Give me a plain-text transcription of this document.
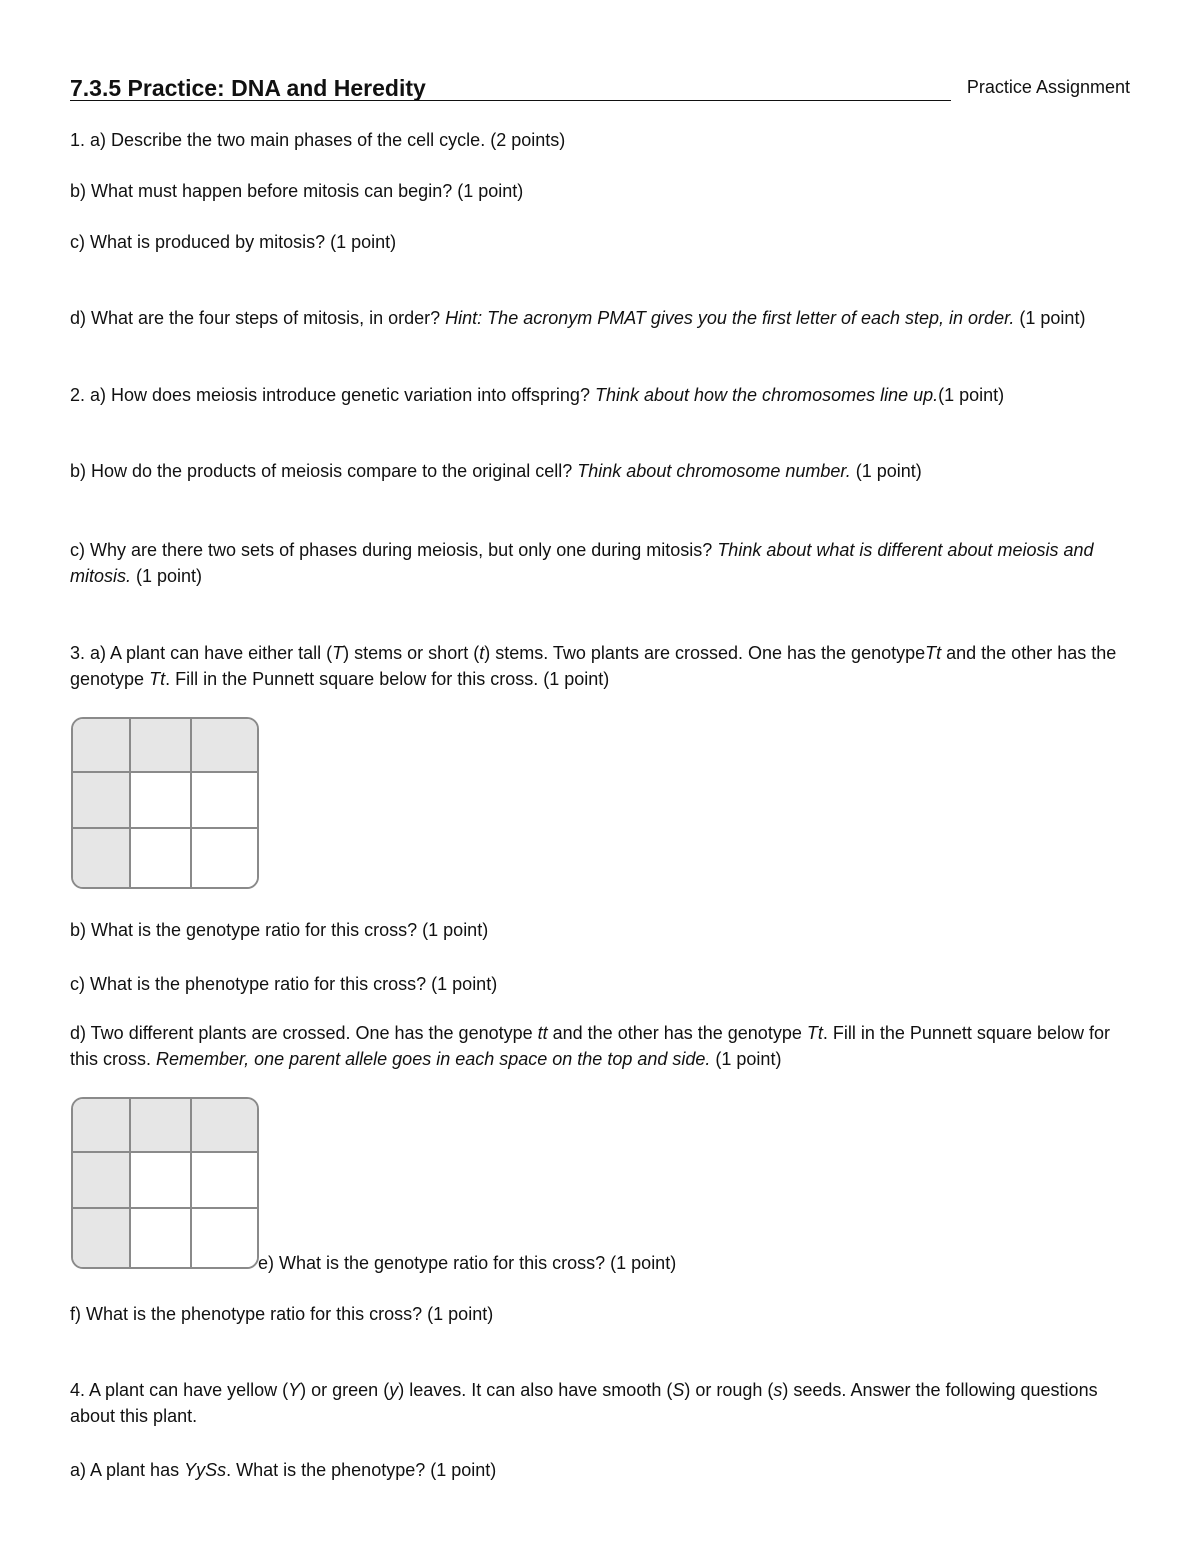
7.3.5 Practice: DNA and Heredity	Practice Assignment

1. a) Describe the two main phases of the cell cycle. (2 points)

b) What must happen before mitosis can begin? (1 point)

c) What is produced by mitosis? (1 point)

d) What are the four steps of mitosis, in order? Hint: The acronym PMAT gives you the first letter of each step, in order. (1 point)

2. a) How does meiosis introduce genetic variation into offspring? Think about how the chromosomes line up.(1 point)

b) How do the products of meiosis compare to the original cell? Think about chromosome number. (1 point)

c) Why are there two sets of phases during meiosis, but only one during mitosis? Think about what is different about meiosis and mitosis. (1 point)

3. a) A plant can have either tall (T) stems or short (t) stems. Two plants are crossed. One has the genotypeTt and the other has the genotype Tt. Fill in the Punnett square below for this cross. (1 point)

b) What is the genotype ratio for this cross? (1 point)

c) What is the phenotype ratio for this cross? (1 point)

d) Two different plants are crossed. One has the genotype tt and the other has the genotype Tt. Fill in the Punnett square below for this cross. Remember, one parent allele goes in each space on the top and side. (1 point)

e) What is the genotype ratio for this cross? (1 point)

f) What is the phenotype ratio for this cross? (1 point)

4. A plant can have yellow (Y) or green (y) leaves. It can also have smooth (S) or rough (s) seeds. Answer the following questions about this plant.

a) A plant has YySs. What is the phenotype? (1 point)
